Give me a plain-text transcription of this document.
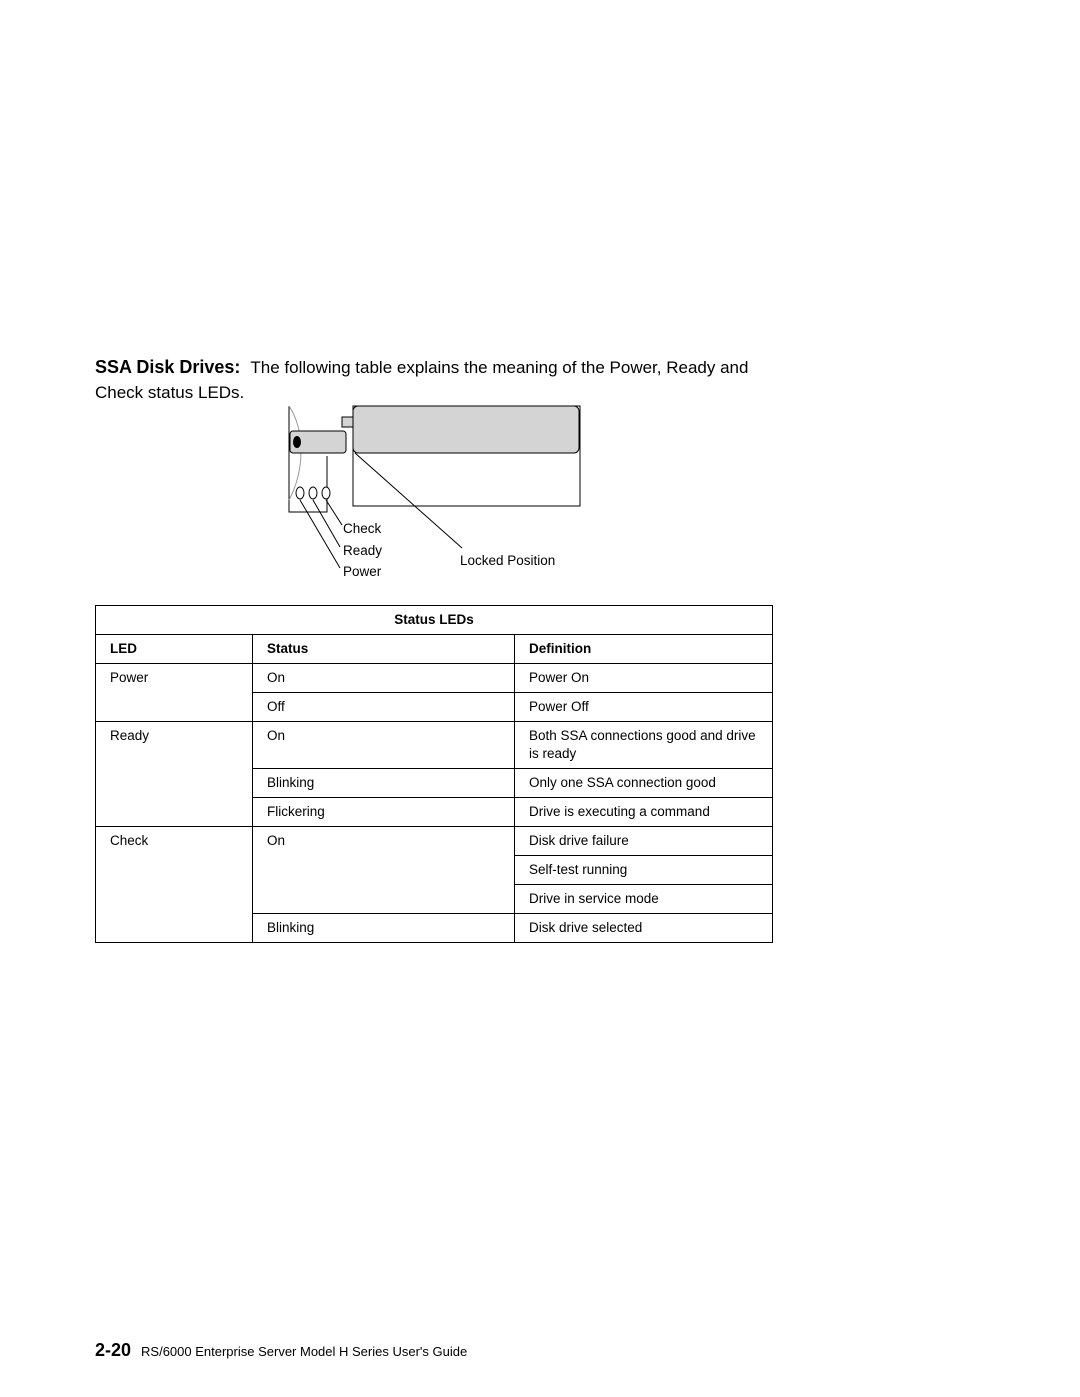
SSA Disk Drives: The following table explains the meaning of the Power, Ready and Check status LEDs.

Check
Ready
Power
Locked Position
Status LEDs		
LED	Status	Definition
Power	On	Power On
	Off	Power Off
Ready	On	Both SSA connections good and drive is ready
	Blinking	Only one SSA connection good
	Flickering	Drive is executing a command
Check	On	Disk drive failure
		Self-test running
		Drive in service mode
	Blinking	Disk drive selected
2-20 RS/6000 Enterprise Server Model H Series User's Guide
